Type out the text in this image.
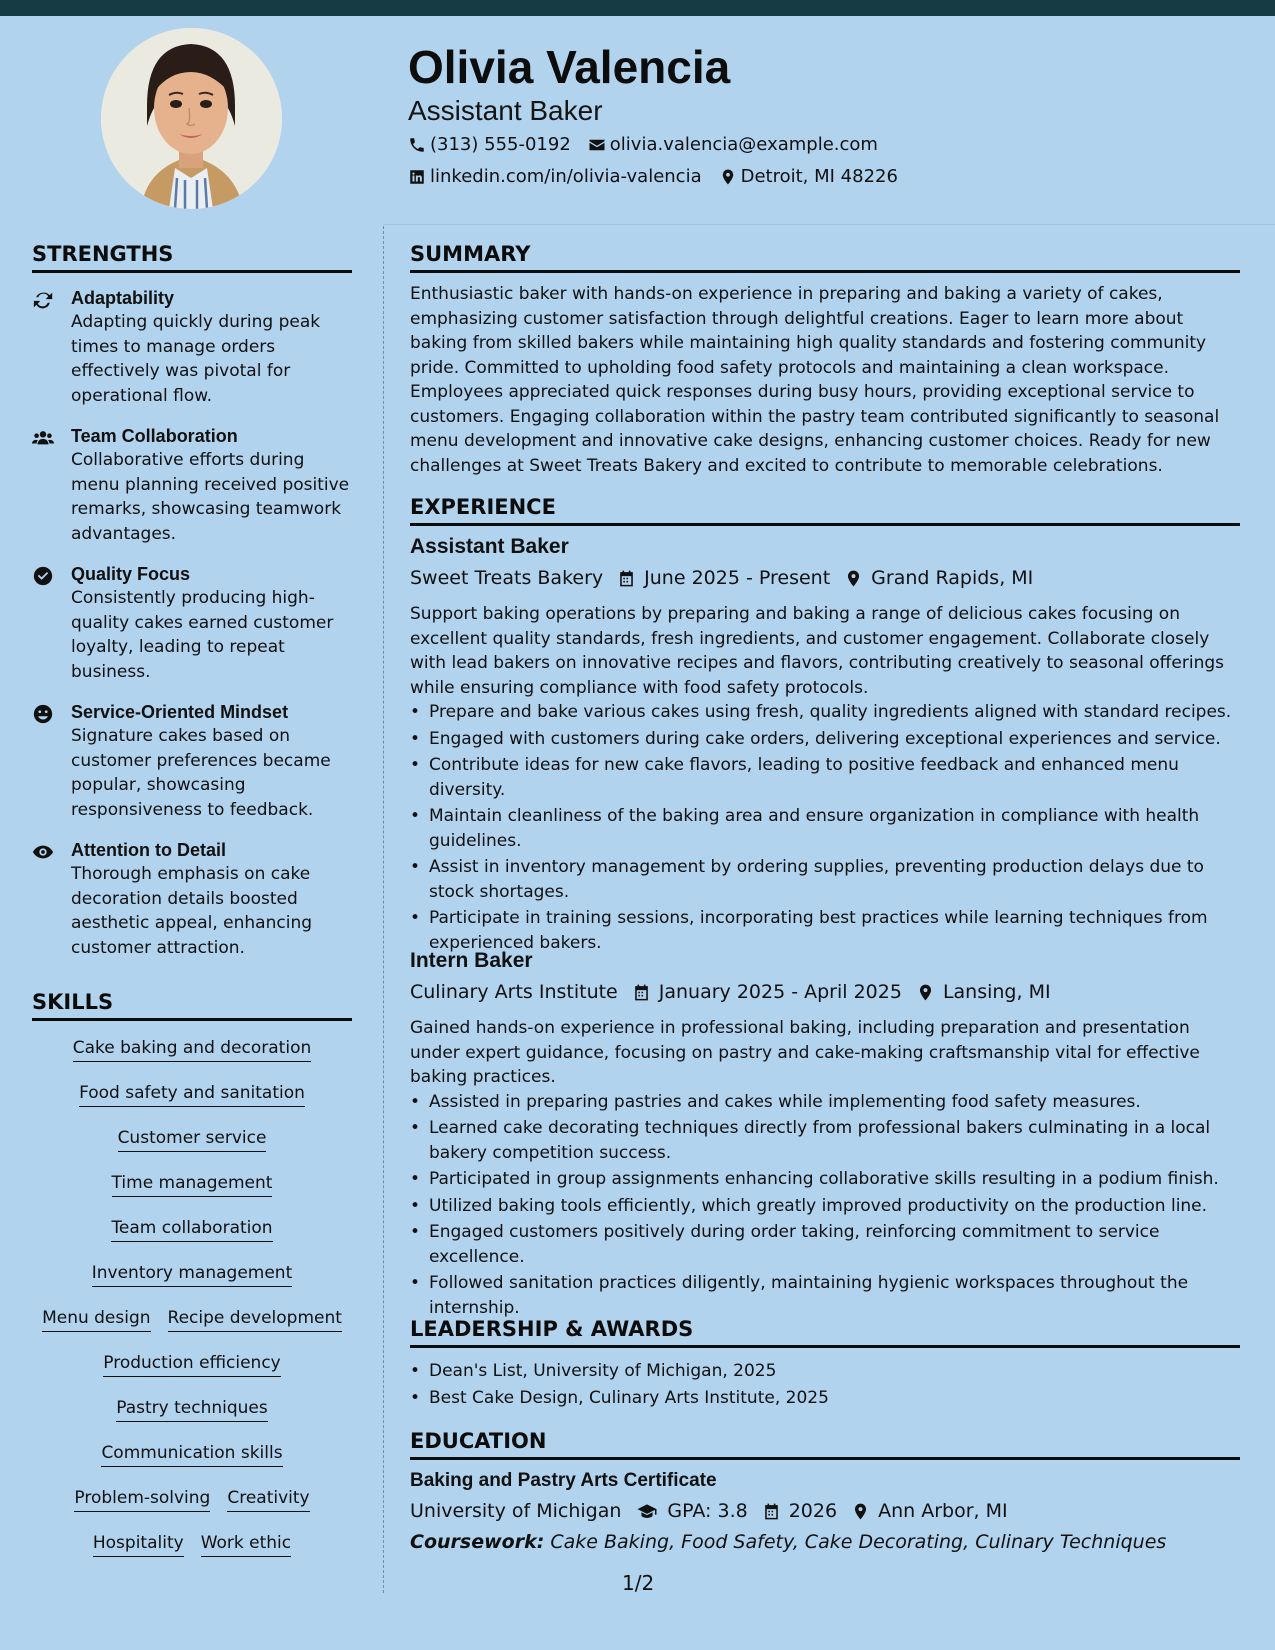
Olivia Valencia
Assistant Baker
(313) 555-0192 olivia.valencia@example.com
linkedin.com/in/olivia-valencia Detroit, MI 48226
STRENGTHS
Adaptability
Adapting quickly during peak times to manage orders effectively was pivotal for operational flow.
Team Collaboration
Collaborative efforts during menu planning received positive remarks, showcasing teamwork advantages.
Quality Focus
Consistently producing high-quality cakes earned customer loyalty, leading to repeat business.
Service-Oriented Mindset
Signature cakes based on customer preferences became popular, showcasing responsiveness to feedback.
Attention to Detail
Thorough emphasis on cake decoration details boosted aesthetic appeal, enhancing customer attraction.
SKILLS
Cake baking and decoration
Food safety and sanitation
Customer service
Time management
Team collaboration
Inventory management
Menu design Recipe development
Production efficiency
Pastry techniques
Communication skills
Problem-solving Creativity
Hospitality Work ethic
SUMMARY
Enthusiastic baker with hands-on experience in preparing and baking a variety of cakes, emphasizing customer satisfaction through delightful creations. Eager to learn more about baking from skilled bakers while maintaining high quality standards and fostering community pride. Committed to upholding food safety protocols and maintaining a clean workspace. Employees appreciated quick responses during busy hours, providing exceptional service to customers. Engaging collaboration within the pastry team contributed significantly to seasonal menu development and innovative cake designs, enhancing customer choices. Ready for new challenges at Sweet Treats Bakery and excited to contribute to memorable celebrations.
EXPERIENCE
Assistant Baker
Sweet Treats Bakery June 2025 - Present Grand Rapids, MI
Support baking operations by preparing and baking a range of delicious cakes focusing on excellent quality standards, fresh ingredients, and customer engagement. Collaborate closely with lead bakers on innovative recipes and flavors, contributing creatively to seasonal offerings while ensuring compliance with food safety protocols.
• Prepare and bake various cakes using fresh, quality ingredients aligned with standard recipes.
• Engaged with customers during cake orders, delivering exceptional experiences and service.
• Contribute ideas for new cake flavors, leading to positive feedback and enhanced menu diversity.
• Maintain cleanliness of the baking area and ensure organization in compliance with health guidelines.
• Assist in inventory management by ordering supplies, preventing production delays due to stock shortages.
• Participate in training sessions, incorporating best practices while learning techniques from experienced bakers.
Intern Baker
Culinary Arts Institute January 2025 - April 2025 Lansing, MI
Gained hands-on experience in professional baking, including preparation and presentation under expert guidance, focusing on pastry and cake-making craftsmanship vital for effective baking practices.
• Assisted in preparing pastries and cakes while implementing food safety measures.
• Learned cake decorating techniques directly from professional bakers culminating in a local bakery competition success.
• Participated in group assignments enhancing collaborative skills resulting in a podium finish.
• Utilized baking tools efficiently, which greatly improved productivity on the production line.
• Engaged customers positively during order taking, reinforcing commitment to service excellence.
• Followed sanitation practices diligently, maintaining hygienic workspaces throughout the internship.
LEADERSHIP & AWARDS
• Dean's List, University of Michigan, 2025
• Best Cake Design, Culinary Arts Institute, 2025
EDUCATION
Baking and Pastry Arts Certificate
University of Michigan GPA: 3.8 2026 Ann Arbor, MI
Coursework: Cake Baking, Food Safety, Cake Decorating, Culinary Techniques
1/2
